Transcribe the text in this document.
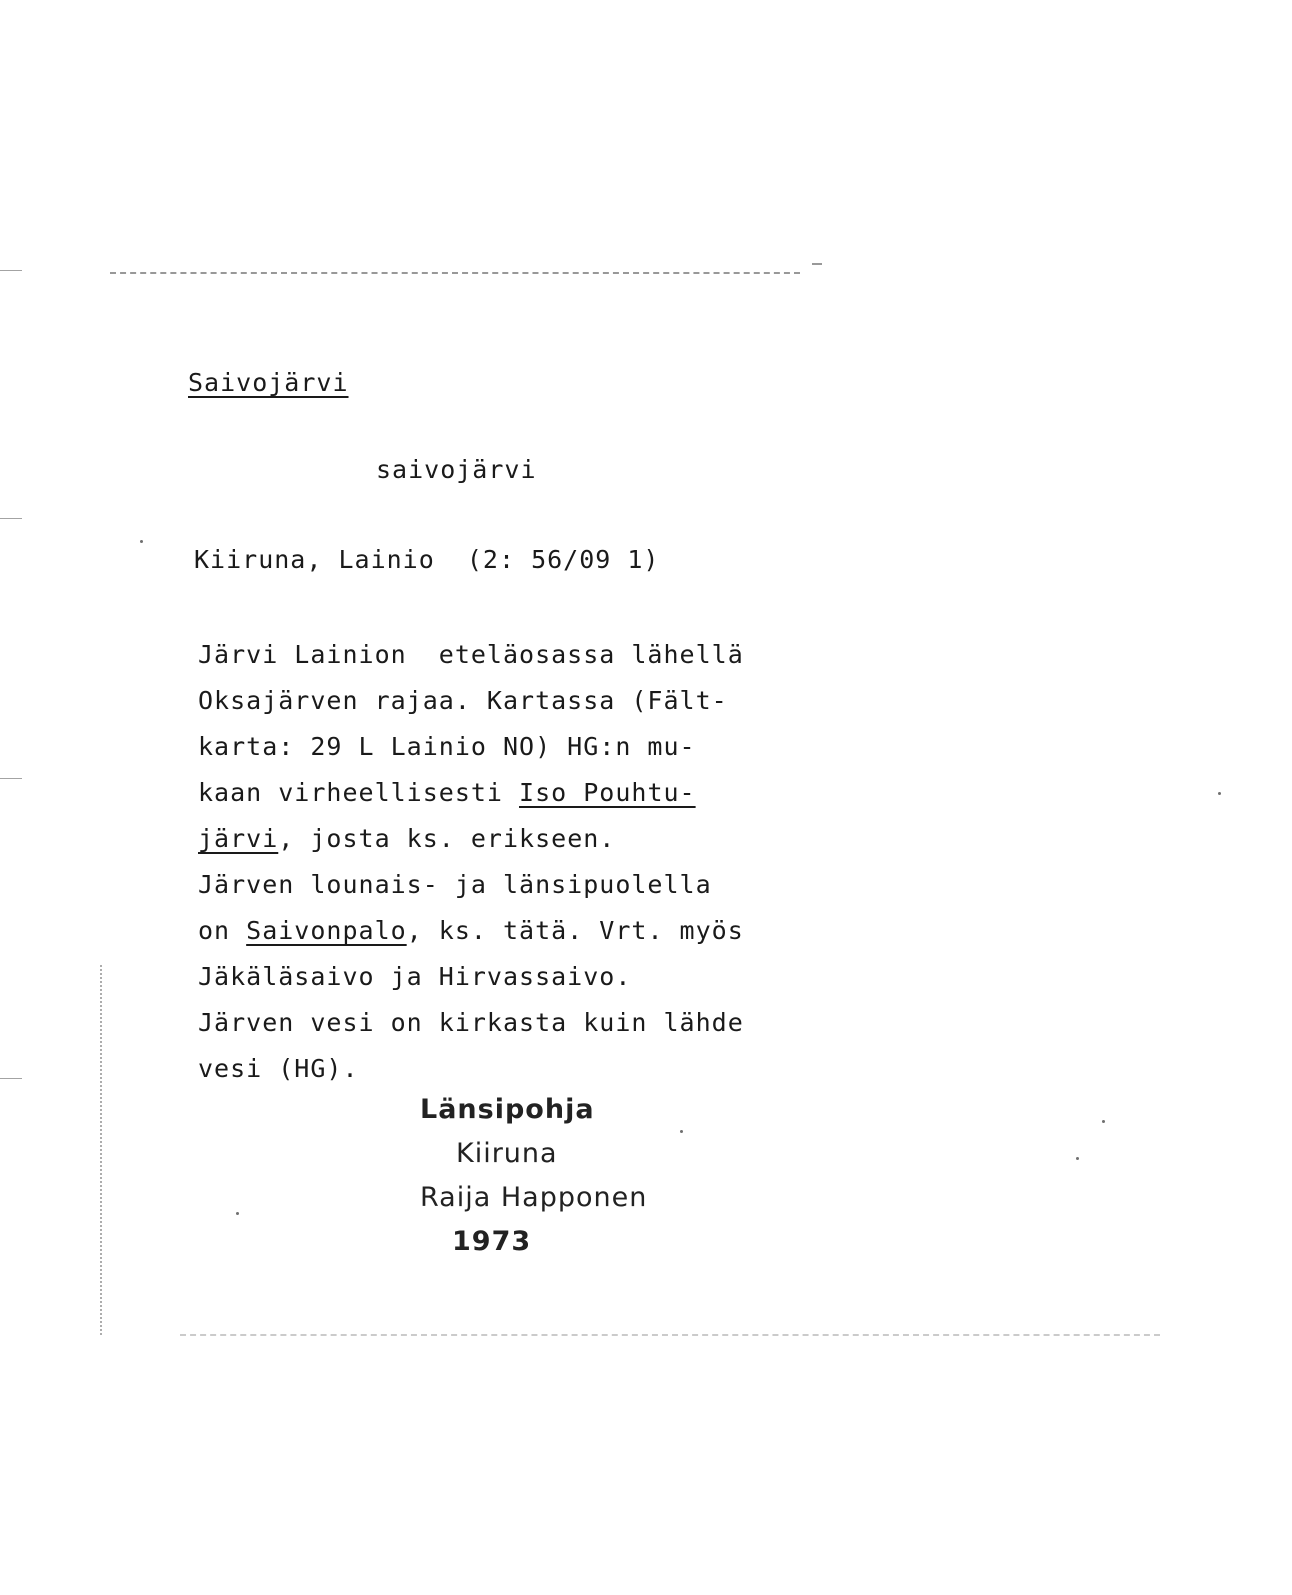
Saivojärvi
saivojärvi
Kiiruna, Lainio  (2: 56/09 1)
Järvi Lainion  eteläosassa lähellä
Oksajärven rajaa. Kartassa (Fält-
karta: 29 L Lainio NO) HG:n mu-
kaan virheellisesti Iso Pouhtu-
järvi, josta ks. erikseen.
Järven lounais- ja länsipuolella
on Saivonpalo, ks. tätä. Vrt. myös
Jäkäläsaivo ja Hirvassaivo.
Järven vesi on kirkasta kuin lähde
vesi (HG).
Länsipohja
Kiiruna
Raija Happonen
1973
